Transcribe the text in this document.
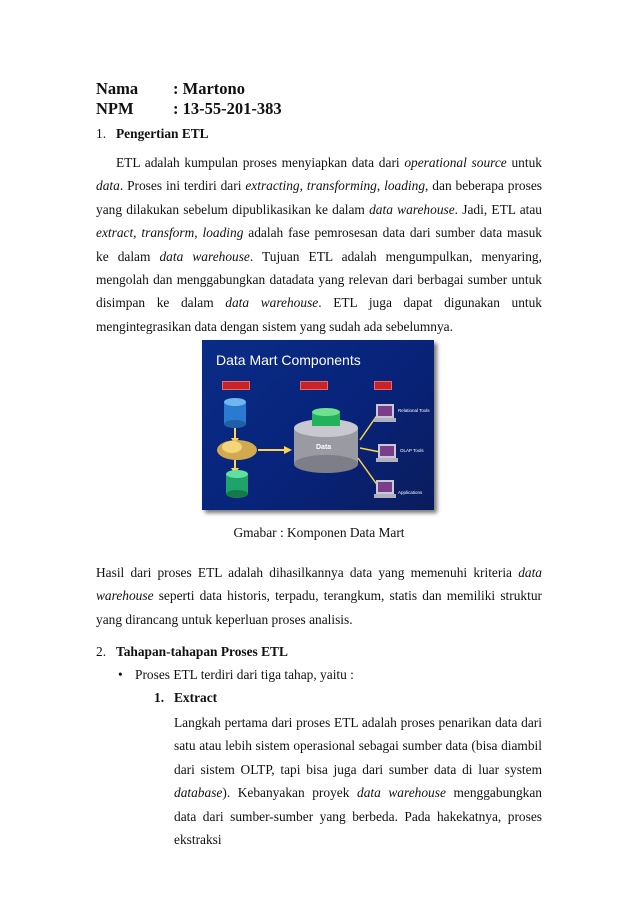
Nama : Martono
NPM : 13-55-201-383
1. Pengertian ETL
ETL adalah kumpulan proses menyiapkan data dari operational source untuk data. Proses ini terdiri dari extracting, transforming, loading, dan beberapa proses yang dilakukan sebelum dipublikasikan ke dalam data warehouse. Jadi, ETL atau extract, transform, loading adalah fase pemrosesan data dari sumber data masuk ke dalam data warehouse. Tujuan ETL adalah mengumpulkan, menyaring, mengolah dan menggabungkan datadata yang relevan dari berbagai sumber untuk disimpan ke dalam data warehouse. ETL juga dapat digunakan untuk mengintegrasikan data dengan sistem yang sudah ada sebelumnya.
Data Mart Components
Data
Relational Tools
OLAP Tools
Applications
Gmabar : Komponen Data Mart
Hasil dari proses ETL adalah dihasilkannya data yang memenuhi kriteria data warehouse seperti data historis, terpadu, terangkum, statis dan memiliki struktur yang dirancang untuk keperluan proses analisis.
2. Tahapan-tahapan Proses ETL
• Proses ETL terdiri dari tiga tahap, yaitu :
1. Extract
Langkah pertama dari proses ETL adalah proses penarikan data dari satu atau lebih sistem operasional sebagai sumber data (bisa diambil dari sistem OLTP, tapi bisa juga dari sumber data di luar system database). Kebanyakan proyek data warehouse menggabungkan data dari sumber-sumber yang berbeda. Pada hakekatnya, proses ekstraksi
